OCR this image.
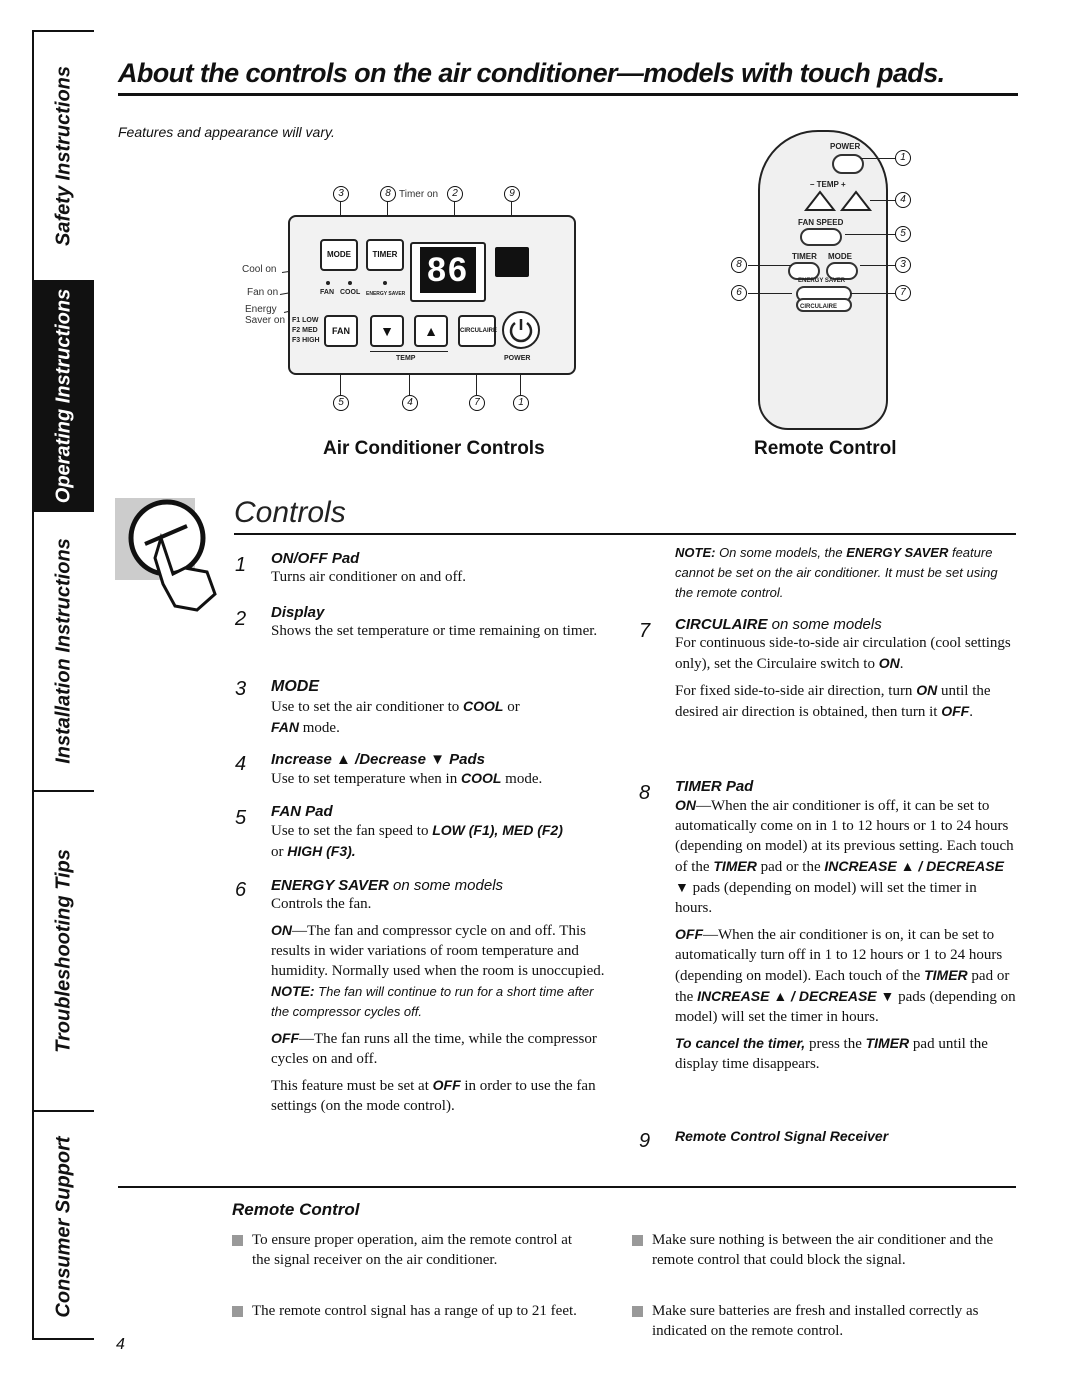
Safety Instructions
Operating Instructions
Installation Instructions
Troubleshooting Tips
Consumer Support
About the controls on the air conditioner—models with touch pads.
Features and appearance will vary.
3	8 Timer on	2	9
Cool on
Fan on
Energy
Saver on
MODE	TIMER 86
FAN COOL ENERGY SAVER
F1 LOW
F2 MED
F3 HIGH
FAN	▼	▲	CIRCULAIRE
TEMP	POWER
5	4	7	1
POWER
– TEMP +
FAN SPEED
TIMER MODE
ENERGY SAVER
CIRCULAIRE
1
4
5
8	3
6	7
Air Conditioner Controls	Remote Control
Controls
1 ON/OFF Pad
Turns air conditioner on and off.
2 Display
Shows the set temperature or time remaining on timer.
3 MODE
Use to set the air conditioner to COOL or
FAN mode.
4 Increase ▲ /Decrease ▼ Pads
Use to set temperature when in COOL mode.
5 FAN Pad
Use to set the fan speed to LOW (F1), MED (F2)
or HIGH (F3).
6 ENERGY SAVER on some models
Controls the fan.
ON—The fan and compressor cycle on and off. This results in wider variations of room temperature and humidity. Normally used when the room is unoccupied. NOTE: The fan will continue to run for a short time after the compressor cycles off.
OFF—The fan runs all the time, while the compressor cycles on and off.
This feature must be set at OFF in order to use the fan settings (on the mode control).
NOTE: On some models, the ENERGY SAVER feature cannot be set on the air conditioner. It must be set using the remote control.
7 CIRCULAIRE on some models
For continuous side-to-side air circulation (cool settings only), set the Circulaire switch to ON.
For fixed side-to-side air direction, turn ON until the desired air direction is obtained, then turn it OFF.
8 TIMER Pad
ON—When the air conditioner is off, it can be set to automatically come on in 1 to 12 hours or 1 to 24 hours (depending on model) at its previous setting. Each touch of the TIMER pad or the INCREASE ▲ / DECREASE ▼ pads (depending on model) will set the timer in hours.
OFF—When the air conditioner is on, it can be set to automatically turn off in 1 to 12 hours or 1 to 24 hours (depending on model). Each touch of the TIMER pad or the INCREASE ▲ / DECREASE ▼ pads (depending on model) will set the timer in hours.
To cancel the timer, press the TIMER pad until the display time disappears.
9 Remote Control Signal Receiver
Remote Control
To ensure proper operation, aim the remote control at the signal receiver on the air conditioner.
The remote control signal has a range of up to 21 feet.
Make sure nothing is between the air conditioner and the remote control that could block the signal.
Make sure batteries are fresh and installed correctly as indicated on the remote control.
4
